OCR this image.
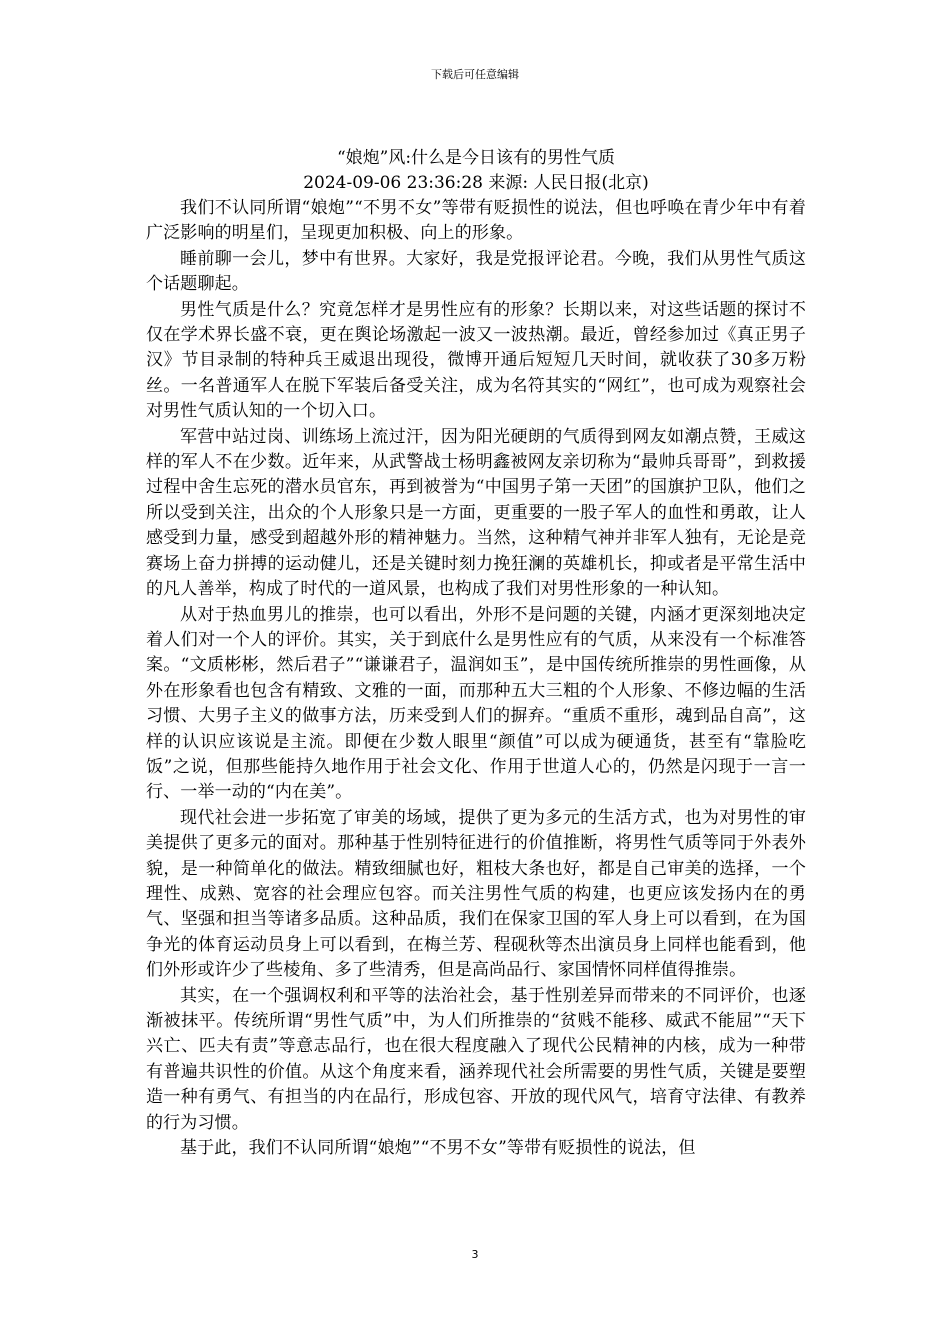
下载后可任意编辑

“娘炮”风:什么是今日该有的男性气质

2024-09-06 23:36:28 来源: 人民日报(北京)

我们不认同所谓“娘炮”“不男不女”等带有贬损性的说法，但也呼唤在青少年中有着广泛影响的明星们，呈现更加积极、向上的形象。

睡前聊一会儿，梦中有世界。大家好，我是党报评论君。今晚，我们从男性气质这个话题聊起。

男性气质是什么？究竟怎样才是男性应有的形象？长期以来，对这些话题的探讨不仅在学术界长盛不衰，更在舆论场激起一波又一波热潮。最近，曾经参加过《真正男子汉》节目录制的特种兵王威退出现役，微博开通后短短几天时间，就收获了30多万粉丝。一名普通军人在脱下军装后备受关注，成为名符其实的“网红”，也可成为观察社会对男性气质认知的一个切入口。

军营中站过岗、训练场上流过汗，因为阳光硬朗的气质得到网友如潮点赞，王威这样的军人不在少数。近年来，从武警战士杨明鑫被网友亲切称为“最帅兵哥哥”，到救援过程中舍生忘死的潜水员官东，再到被誉为“中国男子第一天团”的国旗护卫队，他们之所以受到关注，出众的个人形象只是一方面，更重要的一股子军人的血性和勇敢，让人感受到力量，感受到超越外形的精神魅力。当然，这种精气神并非军人独有，无论是竞赛场上奋力拼搏的运动健儿，还是关键时刻力挽狂澜的英雄机长，抑或者是平常生活中的凡人善举，构成了时代的一道风景，也构成了我们对男性形象的一种认知。

从对于热血男儿的推崇，也可以看出，外形不是问题的关键，内涵才更深刻地决定着人们对一个人的评价。其实，关于到底什么是男性应有的气质，从来没有一个标准答案。“文质彬彬，然后君子”“谦谦君子，温润如玉”，是中国传统所推崇的男性画像，从外在形象看也包含有精致、文雅的一面，而那种五大三粗的个人形象、不修边幅的生活习惯、大男子主义的做事方法，历来受到人们的摒弃。“重质不重形，魂到品自高”，这样的认识应该说是主流。即便在少数人眼里“颜值”可以成为硬通货，甚至有“靠脸吃饭”之说，但那些能持久地作用于社会文化、作用于世道人心的，仍然是闪现于一言一行、一举一动的“内在美”。

现代社会进一步拓宽了审美的场域，提供了更为多元的生活方式，也为对男性的审美提供了更多元的面对。那种基于性别特征进行的价值推断，将男性气质等同于外表外貌，是一种简单化的做法。精致细腻也好，粗枝大条也好，都是自己审美的选择，一个理性、成熟、宽容的社会理应包容。而关注男性气质的构建，也更应该发扬内在的勇气、坚强和担当等诸多品质。这种品质，我们在保家卫国的军人身上可以看到，在为国争光的体育运动员身上可以看到，在梅兰芳、程砚秋等杰出演员身上同样也能看到，他们外形或许少了些棱角、多了些清秀，但是高尚品行、家国情怀同样值得推崇。

其实，在一个强调权利和平等的法治社会，基于性别差异而带来的不同评价，也逐渐被抹平。传统所谓“男性气质”中，为人们所推崇的“贫贱不能移、威武不能屈”“天下兴亡、匹夫有责”等意志品行，也在很大程度融入了现代公民精神的内核，成为一种带有普遍共识性的价值。从这个角度来看，涵养现代社会所需要的男性气质，关键是要塑造一种有勇气、有担当的内在品行，形成包容、开放的现代风气，培育守法律、有教养的行为习惯。

基于此，我们不认同所谓“娘炮”“不男不女”等带有贬损性的说法，但

3
